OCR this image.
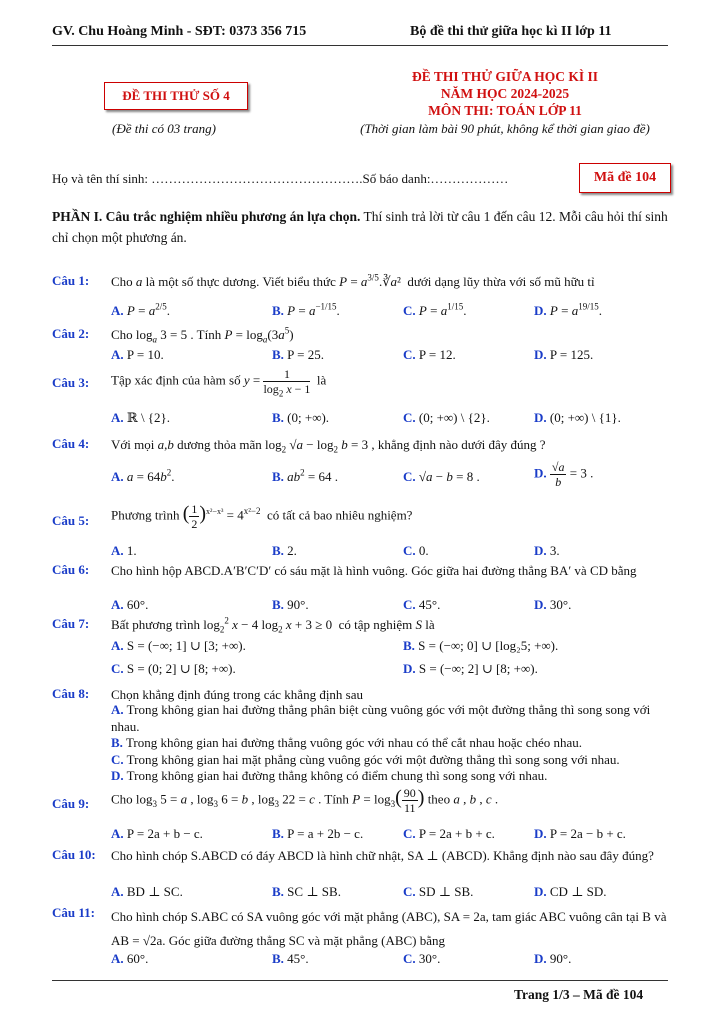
GV. Chu Hoàng Minh - SĐT: 0373 356 715	Bộ đề thi thử giữa học kì II lớp 11
ĐỀ THI THỬ SỐ 4
(Đề thi có 03 trang)
ĐỀ THI THỬ GIỮA HỌC KÌ II
NĂM HỌC 2024-2025
MÔN THI: TOÁN LỚP 11
(Thời gian làm bài 90 phút, không kể thời gian giao đề)
Họ và tên thí sinh: ………………………………………….Số báo danh:………………	Mã đề 104
PHẦN I. Câu trắc nghiệm nhiều phương án lựa chọn. Thí sinh trả lời từ câu 1 đến câu 12. Mỗi câu hỏi thí sinh chỉ chọn một phương án.
Câu 1: Cho a là một số thực dương. Viết biểu thức $P = a^{3/5}.∛a^2$  dưới dạng lũy thừa với số mũ hữu tỉ
A. $P = a^{2/5}$.	B. $P = a^{-1/15}$.	C. $P = a^{1/15}$.	D. $P = a^{19/15}$.
Câu 2: Cho $\log_a 3 = 5$ . Tính $P = \log_a(3a^5)$
A. P = 10.	B. P = 25.	C. P = 12.	D. P = 125.
Câu 3: Tập xác định của hàm số $y = \frac{1}{\log_2 x - 1}$ là
A. ℝ \ {2}.	B. (0; +∞).	C. (0; +∞) \ {2}.	D. (0; +∞) \ {1}.
Câu 4: Với mọi a,b dương thỏa mãn $\log_2 √a - \log_2 b = 3$ , khẳng định nào dưới đây đúng ?
A. $a = 64b^2$.	B. $ab^2 = 64$ .	C. √a − b = 8 .	D. $\frac{√a}{b} = 3$ .
Câu 5: Phương trình ( $\frac{1}{2} )^{x^2-x^3} = 4^{x^2-2}$  có tất cả bao nhiêu nghiệm?
A. 1.	B. 2.	C. 0.	D. 3.
Câu 6: Cho hình hộp ABCD.A′B′C′D′ có sáu mặt là hình vuông. Góc giữa hai đường thẳng BA′ và CD bằng
A. 60°.	B. 90°.	C. 45°.	D. 30°.
Câu 7: Bất phương trình $\log_2^2 x - 4$ $\log_2 x + 3 \ge 0$  có tập nghiệm S là
A. S = (−∞; 1] ∪ [3; +∞).	B. S = (−∞; 0] ∪ [log₂5; +∞).
C. S = (0; 2] ∪ [8; +∞).	D. S = (−∞; 2] ∪ [8; +∞).
Câu 8: Chọn khẳng định đúng trong các khẳng định sau
A. Trong không gian hai đường thẳng phân biệt cùng vuông góc với một đường thẳng thì song song với nhau.
B. Trong không gian hai đường thẳng vuông góc với nhau có thể cắt nhau hoặc chéo nhau.
C. Trong không gian hai mặt phẳng cùng vuông góc với một đường thẳng thì song song với nhau.
D. Trong không gian hai đường thẳng không có điểm chung thì song song với nhau.
Câu 9: Cho $\log_3 5 = a$ , $\log_3 6 = b$ , $\log_3 22 = c$ . Tính $P = \log_3( \frac{90}{11}$ ) theo a , b , c .
A. P = 2a + b − c.	B. P = a + 2b − c.	C. P = 2a + b + c.	D. P = 2a − b + c.
Câu 10: Cho hình chóp S.ABCD có đáy ABCD là hình chữ nhật, SA ⊥ (ABCD). Khẳng định nào sau đây đúng?
A. BD ⊥ SC.	B. SC ⊥ SB.	C. SD ⊥ SB.	D. CD ⊥ SD.
Câu 11: Cho hình chóp S.ABC có SA vuông góc với mặt phẳng (ABC), SA = 2a, tam giác ABC vuông cân tại B và AB = √2a. Góc giữa đường thẳng SC và mặt phẳng (ABC) bằng
A. 60°.	B. 45°.	C. 30°.	D. 90°.
Trang 1/3 – Mã đề 104
